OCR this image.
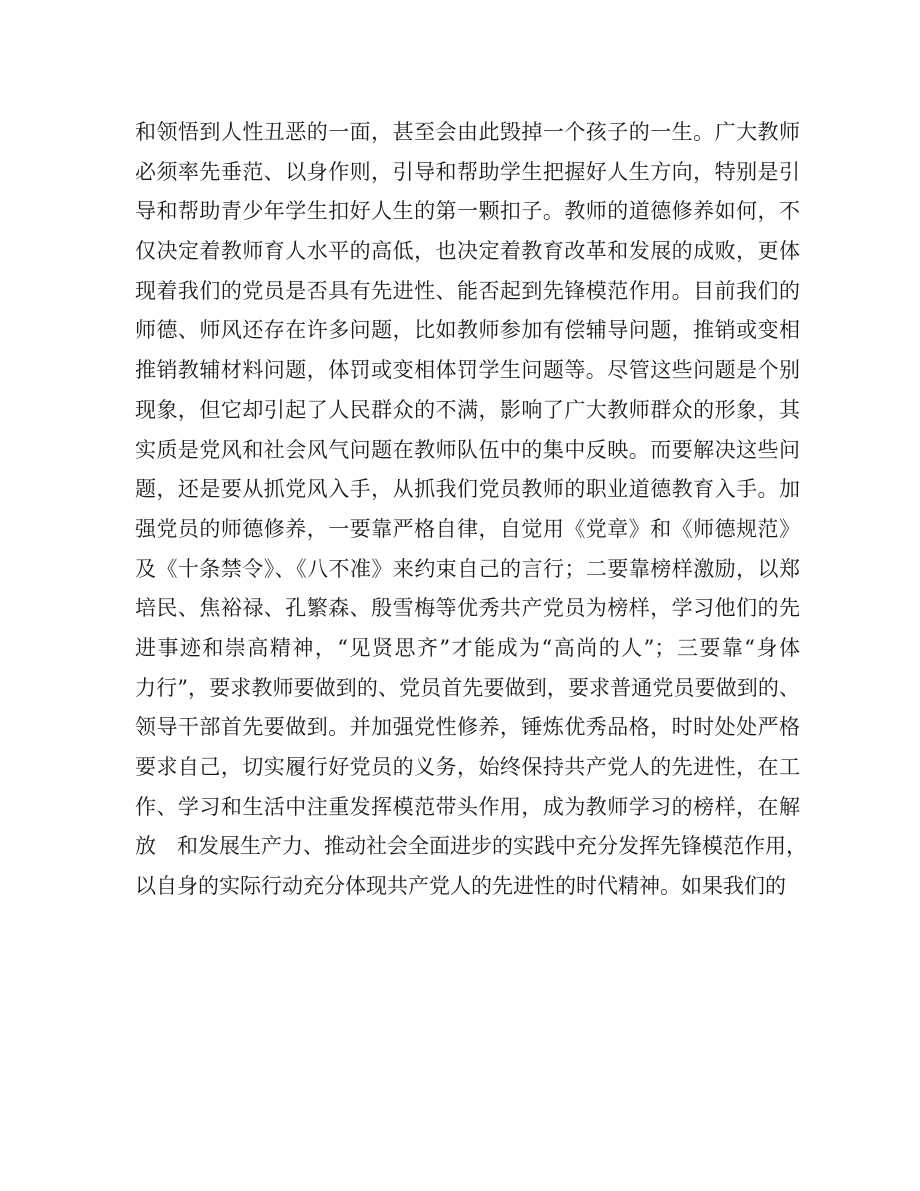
和领悟到人性丑恶的一面，甚至会由此毁掉一个孩子的一生。广大教师
必须率先垂范、以身作则，引导和帮助学生把握好人生方向，特别是引
导和帮助青少年学生扣好人生的第一颗扣子。教师的道德修养如何，不
仅决定着教师育人水平的高低，也决定着教育改革和发展的成败，更体
现着我们的党员是否具有先进性、能否起到先锋模范作用。目前我们的
师德、师风还存在许多问题，比如教师参加有偿辅导问题，推销或变相
推销教辅材料问题，体罚或变相体罚学生问题等。尽管这些问题是个别
现象，但它却引起了人民群众的不满，影响了广大教师群众的形象，其
实质是党风和社会风气问题在教师队伍中的集中反映。而要解决这些问
题，还是要从抓党风入手，从抓我们党员教师的职业道德教育入手。加
强党员的师德修养，一要靠严格自律，自觉用《党章》和《师德规范》
及《十条禁令》、《八不准》来约束自己的言行；二要靠榜样激励，以郑
培民、焦裕禄、孔繁森、殷雪梅等优秀共产党员为榜样，学习他们的先
进事迹和崇高精神，“见贤思齐”才能成为“高尚的人”；三要靠“身体
力行”，要求教师要做到的、党员首先要做到，要求普通党员要做到的、
领导干部首先要做到。并加强党性修养，锤炼优秀品格，时时处处严格
要求自己，切实履行好党员的义务，始终保持共产党人的先进性，在工
作、学习和生活中注重发挥模范带头作用，成为教师学习的榜样，在解
放　和发展生产力、推动社会全面进步的实践中充分发挥先锋模范作用，
以自身的实际行动充分体现共产党人的先进性的时代精神。如果我们的
